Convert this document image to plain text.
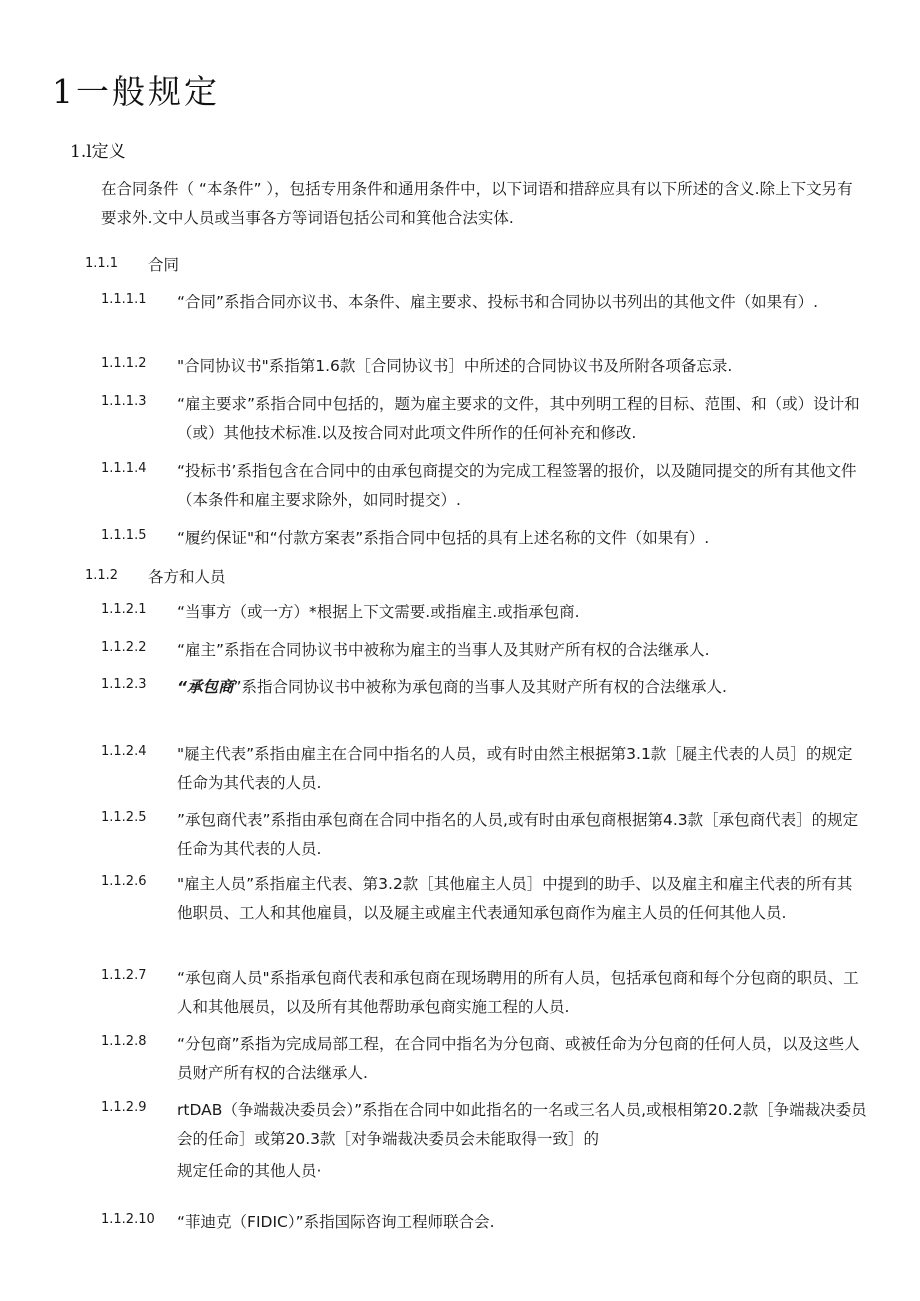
1一般规定
1.l定义
在合同条件（ “本条件” ），包括专用条件和通用条件中，以下词语和措辞应具有以下所述的含义.除上下文另有要求外.文中人员或当事各方等词语包括公司和箕他合法实体.
1.1.1 合同
1.1.1.1 “合同”系指合同亦议书、本条件、雇主要求、投标书和合同协以书列出的其他文件（如果有）.
1.1.1.2 "合同协议书"系指第1.6款［合同协议书］中所述的合同协议书及所附各项备忘录.
1.1.1.3 “雇主要求”系指合同中包括的，题为雇主要求的文件，其中列明工程的目标、范围、和（或）设计和（或）其他技术标准.以及按合同对此项文件所作的任何补充和修改.
1.1.1.4 “投标书’系指包含在合同中的由承包商提交的为完成工程签署的报价，以及随同提交的所有其他文件（本条件和雇主要求除外，如同时提交）.
1.1.1.5 “履约保证"和“付款方案表”系指合同中包括的具有上述名称的文件（如果有）.
1.1.2 各方和人员
1.1.2.1 “当事方（或一方）*根据上下文需要.或指雇主.或指承包商.
1.1.2.2 “雇主”系指在合同协议书中被称为雇主的当事人及其财产所有权的合法继承人.
1.1.2.3 “承包商”系指合同协议书中被称为承包商的当事人及其财产所有权的合法继承人.
1.1.2.4 "屣主代表”系指由雇主在合同中指名的人员，或有时由然主根据第3.1款［屣主代表的人员］的规定任命为其代表的人员.
1.1.2.5 ”承包商代表”系指由承包商在合同中指名的人员,或有时由承包商根据第4.3款［承包商代表］的规定任命为其代表的人员.
1.1.2.6 "雇主人员”系指雇主代表、第3.2款［其他雇主人员］中提到的助手、以及雇主和雇主代表的所有其他职员、工人和其他雇員，以及屣主或雇主代表通知承包商作为雇主人员的任何其他人员.
1.1.2.7 “承包商人员"系指承包商代表和承包商在现场聘用的所有人员，包括承包商和每个分包商的职员、工人和其他展员，以及所有其他帮助承包商实施工程的人员.
1.1.2.8 “分包商”系指为完成局部工程，在合同中指名为分包商、或被任命为分包商的任何人员，以及这些人员财产所有权的合法继承人.
1.1.2.9 rtDAB（争端裁决委员会）”系指在合同中如此指名的一名或三名人员,或根相第20.2款［争端裁决委员会的任命］或第20.3款［对争端裁决委员会未能取得一致］的
规定任命的其他人员·
1.1.2.10 “菲迪克（FIDIC）”系指国际咨询工程师联合会.
